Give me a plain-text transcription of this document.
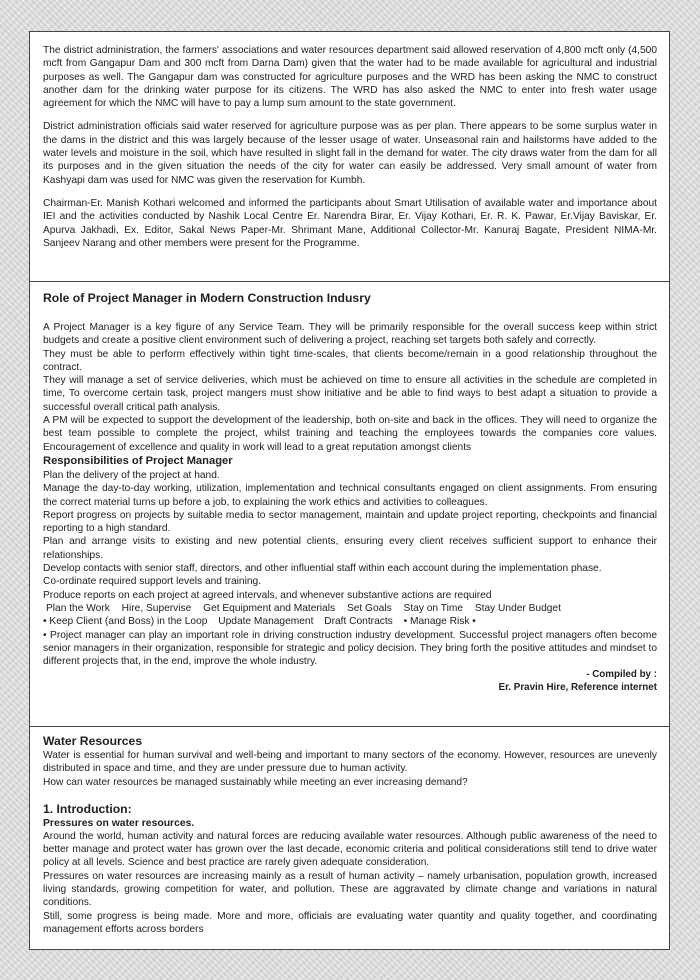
The district administration, the farmers' associations and water resources department said allowed reservation of 4,800 mcft only (4,500 mcft from Gangapur Dam and 300 mcft from Darna Dam) given that the water had to be made available for agricultural and industrial purposes as well. The Gangapur dam was constructed for agriculture purposes and the WRD has been asking the NMC to construct another dam for the drinking water purpose for its citizens. The WRD has also asked the NMC to enter into fresh water usage agreement for which the NMC will have to pay a lump sum amount to the state government.

District administration officials said water reserved for agriculture purpose was as per plan. There appears to be some surplus water in the dams in the district and this was largely because of the lesser usage of water. Unseasonal rain and hailstorms have added to the water levels and moisture in the soil, which have resulted in slight fall in the demand for water. The city draws water from the dam for all its purposes and in the given situation the needs of the city for water can easily be addressed. Very small amount of water from Kashyapi dam was used for NMC was given the reservation for Kumbh.

Chairman-Er. Manish Kothari welcomed and informed the participants about Smart Utilisation of available water and importance about IEI and the activities conducted by Nashik Local Centre Er. Narendra Birar, Er. Vijay Kothari, Er. R. K. Pawar, Er.Vijay Baviskar, Er. Apurva Jakhadi, Ex. Editor, Sakal News Paper-Mr. Shrimant Mane, Additional Collector-Mr. Kanuraj Bagate, President NIMA-Mr. Sanjeev Narang and other members were present for the Programme.

Role of Project Manager in Modern Construction Indusry

A Project Manager is a key figure of any Service Team. They will be primarily responsible for the overall success keep within strict budgets and create a positive client environment such of delivering a project, reaching set targets both safely and correctly.

They must be able to perform effectively within tight time-scales, that clients become/remain in a good relationship throughout the contract.

They will manage a set of service deliveries, which must be achieved on time to ensure all activities in the schedule are completed in time, To overcome certain task, project mangers must show initiative and be able to find ways to best adapt a situation to provide a successful overall critical path analysis.

A PM will be expected to support the development of the leadership, both on-site and back in the offices. They will need to organize the best team possible to complete the project, whilst training and teaching the employees towards the companies core values. Encouragement of excellence and quality in work will lead to a great reputation amongst clients

Responsibilities of Project Manager

Plan the delivery of the project at hand.

Manage the day-to-day working, utilization, implementation and technical consultants engaged on client assignments. From ensuring the correct material turns up before a job, to explaining the work ethics and activities to colleagues.

Report progress on projects by suitable media to sector management, maintain and update project reporting, checkpoints and financial reporting to a high standard.

Plan and arrange visits to existing and new potential clients, ensuring every client receives sufficient support to enhance their relationships.

Develop contacts with senior staff, directors, and other influential staff within each account during the implementation phase.

Co-ordinate required support levels and training.

Produce reports on each project at agreed intervals, and whenever substantive actions are required

Plan the Work Hire, Supervise Get Equipment and Materials Set Goals Stay on Time Stay Under Budget
• Keep Client (and Boss) in the Loop Update Management Draft Contracts • Manage Risk •

• Project manager can play an important role in driving construction industry development. Successful project managers often become senior managers in their organization, responsible for strategic and policy decision. They bring forth the positive attitudes and mindset to different projects that, in the end, improve the whole industry.

- Compiled by :
Er. Pravin Hire, Reference internet
Water Resources

Water is essential for human survival and well-being and important to many sectors of the economy. However, resources are unevenly distributed in space and time, and they are under pressure due to human activity.

How can water resources be managed sustainably while meeting an ever increasing demand?

1. Introduction:
Pressures on water resources.

Around the world, human activity and natural forces are reducing available water resources. Although public awareness of the need to better manage and protect water has grown over the last decade, economic criteria and political considerations still tend to drive water policy at all levels. Science and best practice are rarely given adequate consideration.

Pressures on water resources are increasing mainly as a result of human activity – namely urbanisation, population growth, increased living standards, growing competition for water, and pollution. These are aggravated by climate change and variations in natural conditions.

Still, some progress is being made. More and more, officials are evaluating water quantity and quality together, and coordinating management efforts across borders
